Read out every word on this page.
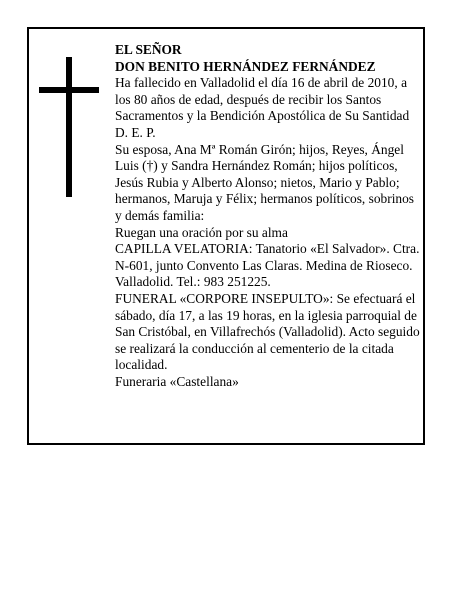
EL SEÑOR

DON BENITO HERNÁNDEZ FERNÁNDEZ

Ha fallecido en Valladolid el día 16 de abril de 2010, a los 80 años de edad, después de recibir los Santos Sacramentos y la Bendición Apostólica de Su Santidad D. E. P.

Su esposa, Ana Mª Román Girón; hijos, Reyes, Ángel Luis (†) y Sandra Hernández Román; hijos políticos, Jesús Rubia y Alberto Alonso; nietos, Mario y Pablo; hermanos, Maruja y Félix; hermanos políticos, sobrinos y demás familia:

Ruegan una oración por su alma

CAPILLA VELATORIA: Tanatorio «El Salvador». Ctra. N-601, junto Convento Las Claras. Medina de Rioseco. Valladolid. Tel.: 983 251225.

FUNERAL «CORPORE INSEPULTO»: Se efectuará el sábado, día 17, a las 19 horas, en la iglesia parroquial de San Cristóbal, en Villafrechós (Valladolid). Acto seguido se realizará la conducción al cementerio de la citada localidad.

Funeraria «Castellana»
